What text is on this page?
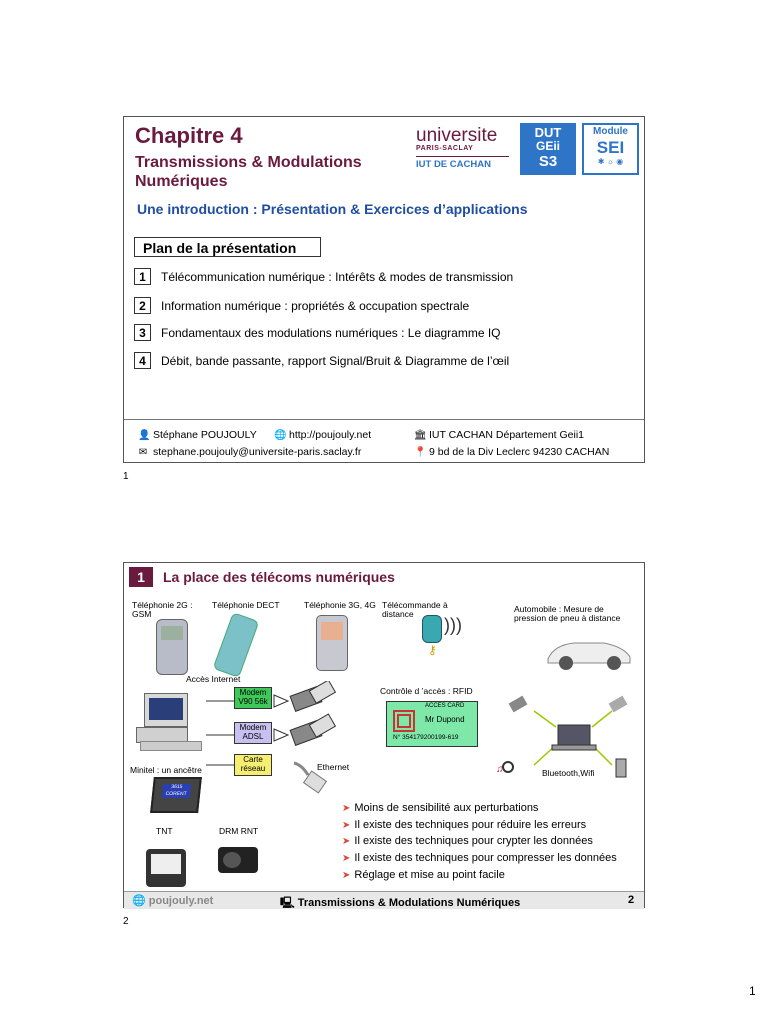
Chapitre 4
Transmissions & Modulations Numériques
universite
PARIS-SACLAY
IUT DE CACHAN
DUT
GEii
S3
Module
SEI
✱ ☼ ◉
Une introduction : Présentation & Exercices d’applications
Plan de la présentation
1	Télécommunication numérique : Intérêts & modes de transmission
2	Information numérique : propriétés & occupation spectrale
3	Fondamentaux des modulations numériques : Le diagramme IQ
4	Débit, bande passante, rapport Signal/Bruit & Diagramme de l’œil
👤 Stéphane POUJOULY 🌐 http://poujouly.net
✉ stephane.poujouly@universite-paris.saclay.fr
🏛 IUT CACHAN Département Geii1
📍 9 bd de la Div Leclerc 94230 CACHAN
1
1	La place des télécoms numériques
Téléphonie 2G : GSM
Téléphonie DECT	Téléphonie 3G, 4G Télécommande à distance	Automobile : Mesure de pression de pneu à distance
)))
⚷
Accès Internet
Modem V90 56k
Modem ADSL
Carte réseau
Contrôle d ’accès : RFID
ACCES CARD
Mr Dupond
N° 354179200199-619
♫	Bluetooth,Wifi
Minitel : un ancêtre
3615 CORENT
Ethernet
TNT	DRM RNT
➤ Moins de sensibilité aux perturbations
➤ Il existe des techniques pour réduire les erreurs
➤ Il existe des techniques pour crypter les données
➤ Il existe des techniques pour compresser les données
➤ Réglage et mise au point facile
🌐 poujouly.net	🖳 Transmissions & Modulations Numériques	2
2
1
